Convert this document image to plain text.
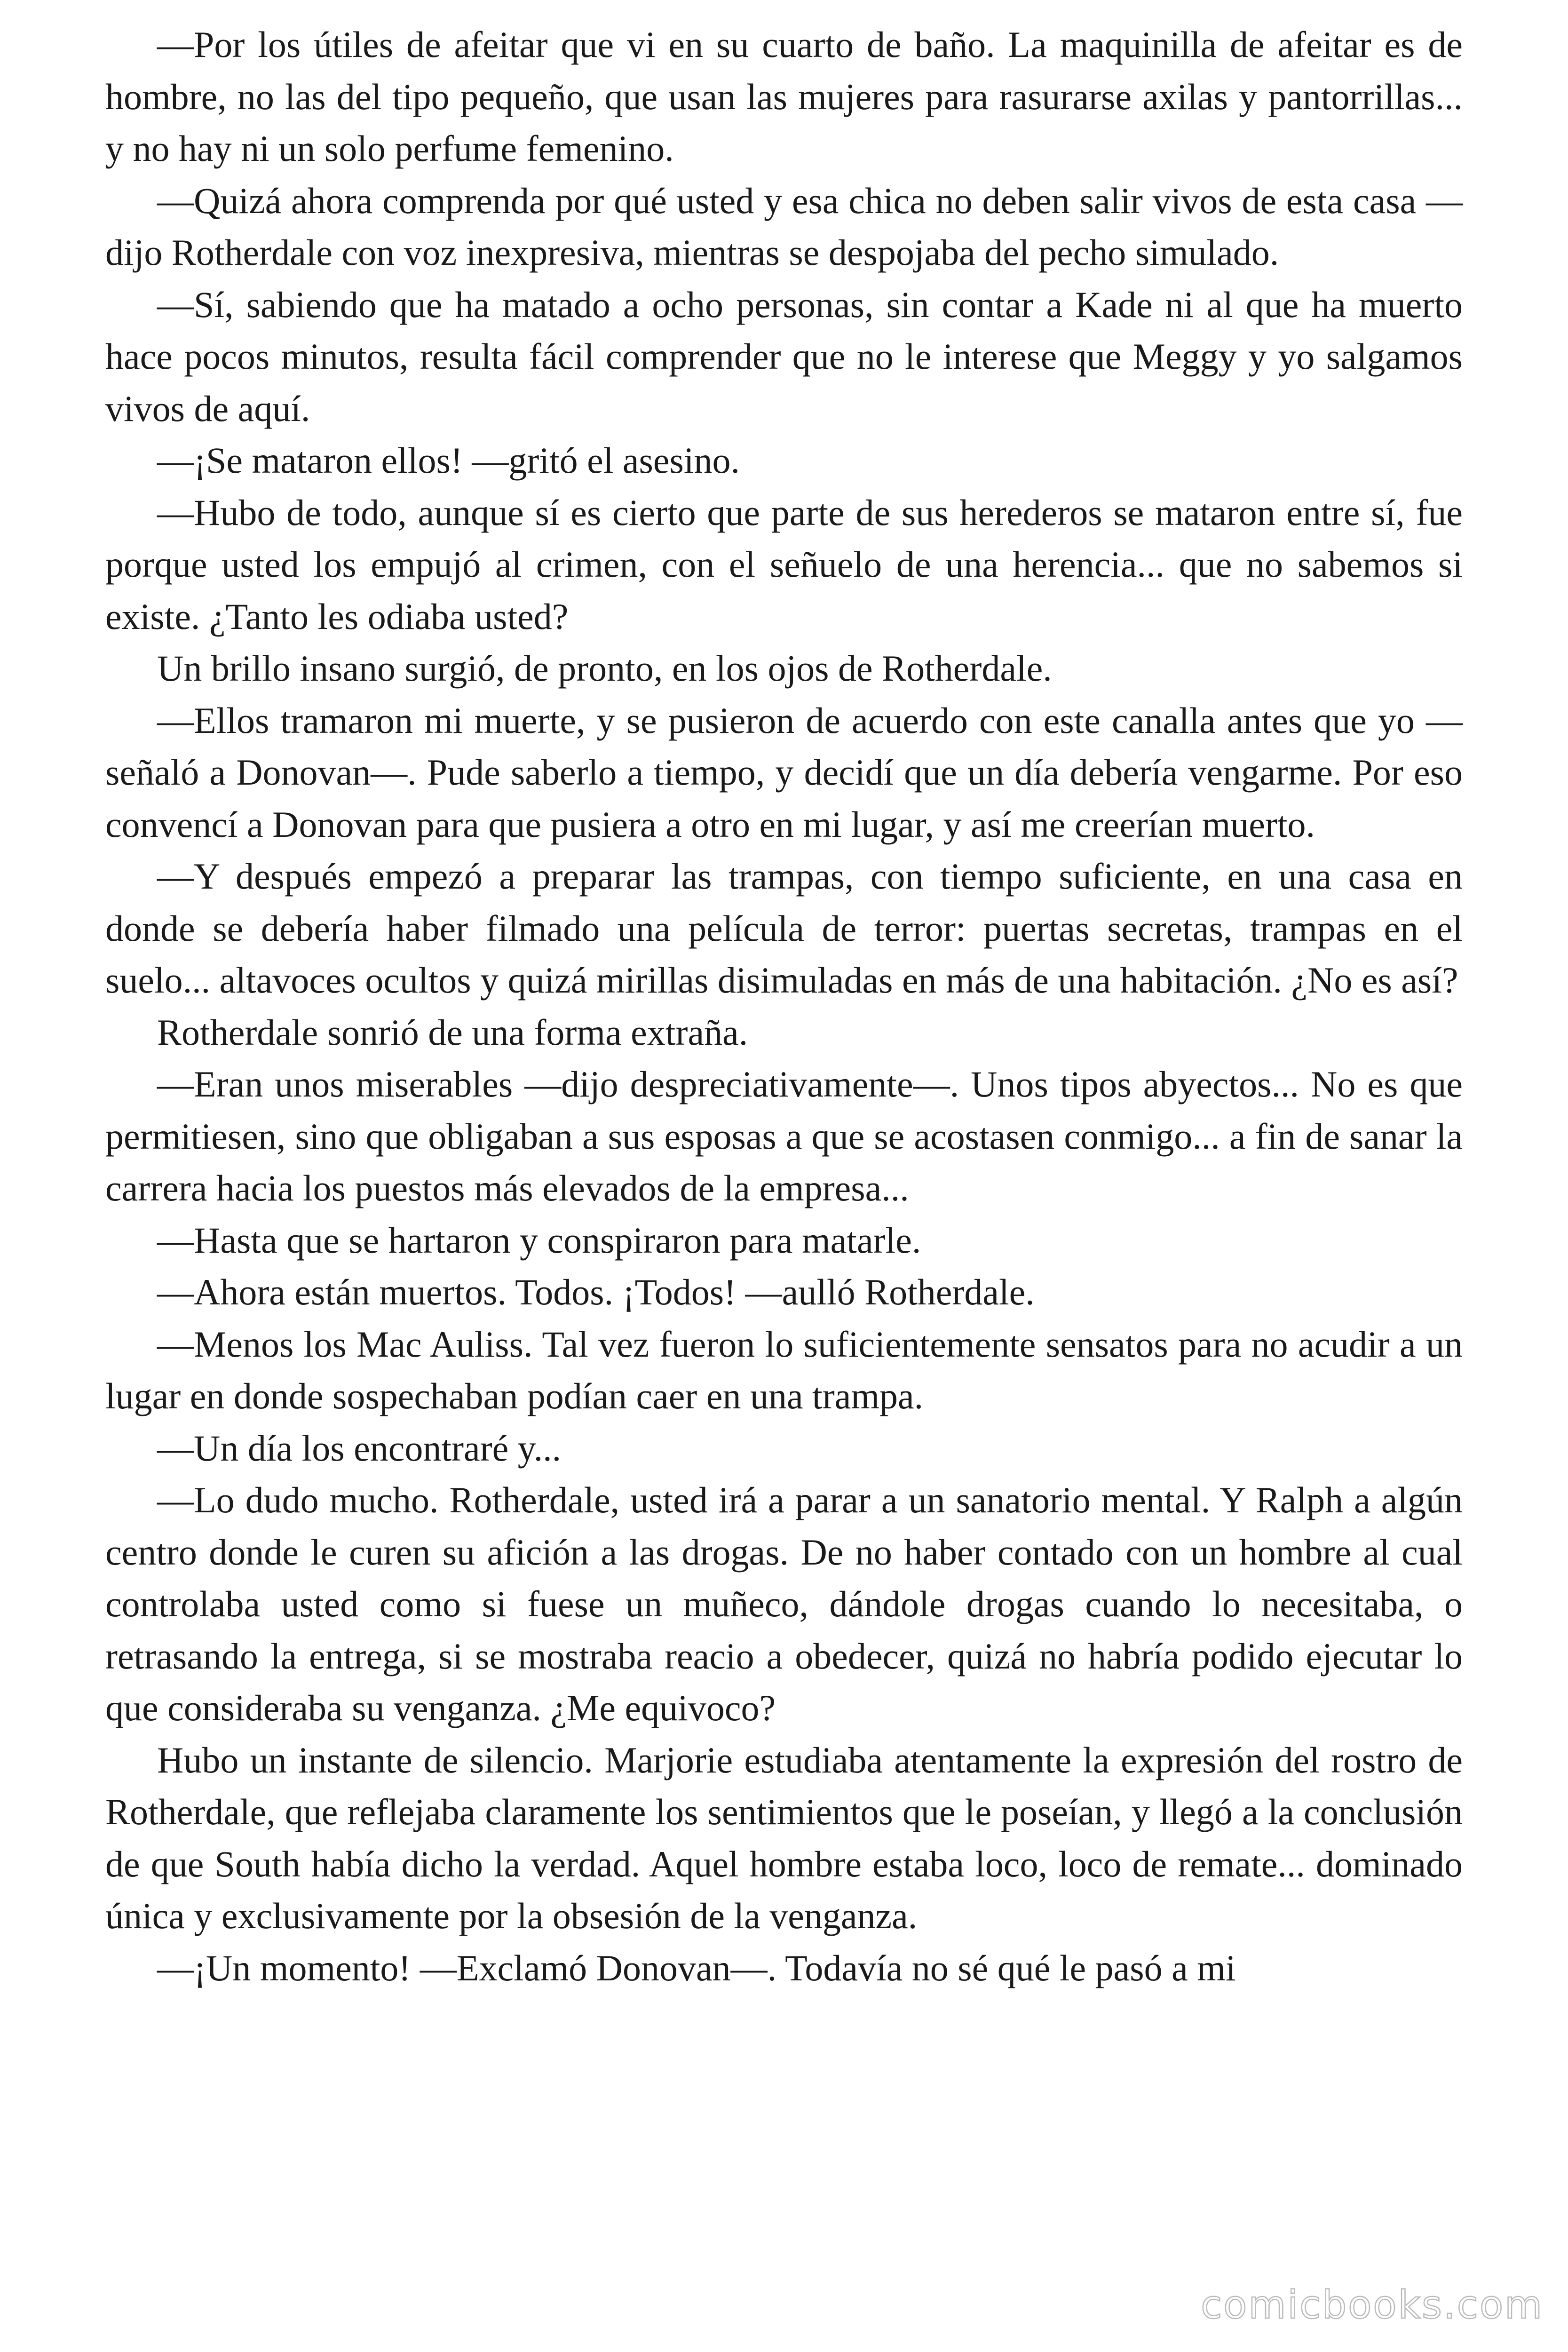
—Por los útiles de afeitar que vi en su cuarto de baño. La maquinilla de afeitar es de hombre, no las del tipo pequeño, que usan las mujeres para rasurarse axilas y pantorrillas... y no hay ni un solo perfume femenino.

—Quizá ahora comprenda por qué usted y esa chica no deben salir vivos de esta casa —dijo Rotherdale con voz inexpresiva, mientras se despojaba del pecho simulado.

—Sí, sabiendo que ha matado a ocho personas, sin contar a Kade ni al que ha muerto hace pocos minutos, resulta fácil comprender que no le interese que Meggy y yo salgamos vivos de aquí.

—¡Se mataron ellos! —gritó el asesino.

—Hubo de todo, aunque sí es cierto que parte de sus herederos se mataron entre sí, fue porque usted los empujó al crimen, con el señuelo de una herencia... que no sabemos si existe. ¿Tanto les odiaba usted?

Un brillo insano surgió, de pronto, en los ojos de Rotherdale.

—Ellos tramaron mi muerte, y se pusieron de acuerdo con este canalla antes que yo —señaló a Donovan—. Pude saberlo a tiempo, y decidí que un día debería vengarme. Por eso convencí a Donovan para que pusiera a otro en mi lugar, y así me creerían muerto.

—Y después empezó a preparar las trampas, con tiempo suficiente, en una casa en donde se debería haber filmado una película de terror: puertas secretas, trampas en el suelo... altavoces ocultos y quizá mirillas disimuladas en más de una habitación. ¿No es así?

Rotherdale sonrió de una forma extraña.

—Eran unos miserables —dijo despreciativamente—. Unos tipos abyectos... No es que permitiesen, sino que obligaban a sus esposas a que se acostasen conmigo... a fin de sanar la carrera hacia los puestos más elevados de la empresa...

—Hasta que se hartaron y conspiraron para matarle.

—Ahora están muertos. Todos. ¡Todos! —aulló Rotherdale.

—Menos los Mac Auliss. Tal vez fueron lo suficientemente sensatos para no acudir a un lugar en donde sospechaban podían caer en una trampa.

—Un día los encontraré y...

—Lo dudo mucho. Rotherdale, usted irá a parar a un sanatorio mental. Y Ralph a algún centro donde le curen su afición a las drogas. De no haber contado con un hombre al cual controlaba usted como si fuese un muñeco, dándole drogas cuando lo necesitaba, o retrasando la entrega, si se mostraba reacio a obedecer, quizá no habría podido ejecutar lo que consideraba su venganza. ¿Me equivoco?

Hubo un instante de silencio. Marjorie estudiaba atentamente la expresión del rostro de Rotherdale, que reflejaba claramente los sentimientos que le poseían, y llegó a la conclusión de que South había dicho la verdad. Aquel hombre estaba loco, loco de remate... dominado única y exclusivamente por la obsesión de la venganza.

—¡Un momento! —Exclamó Donovan—. Todavía no sé qué le pasó a mi

comicbooks.com
